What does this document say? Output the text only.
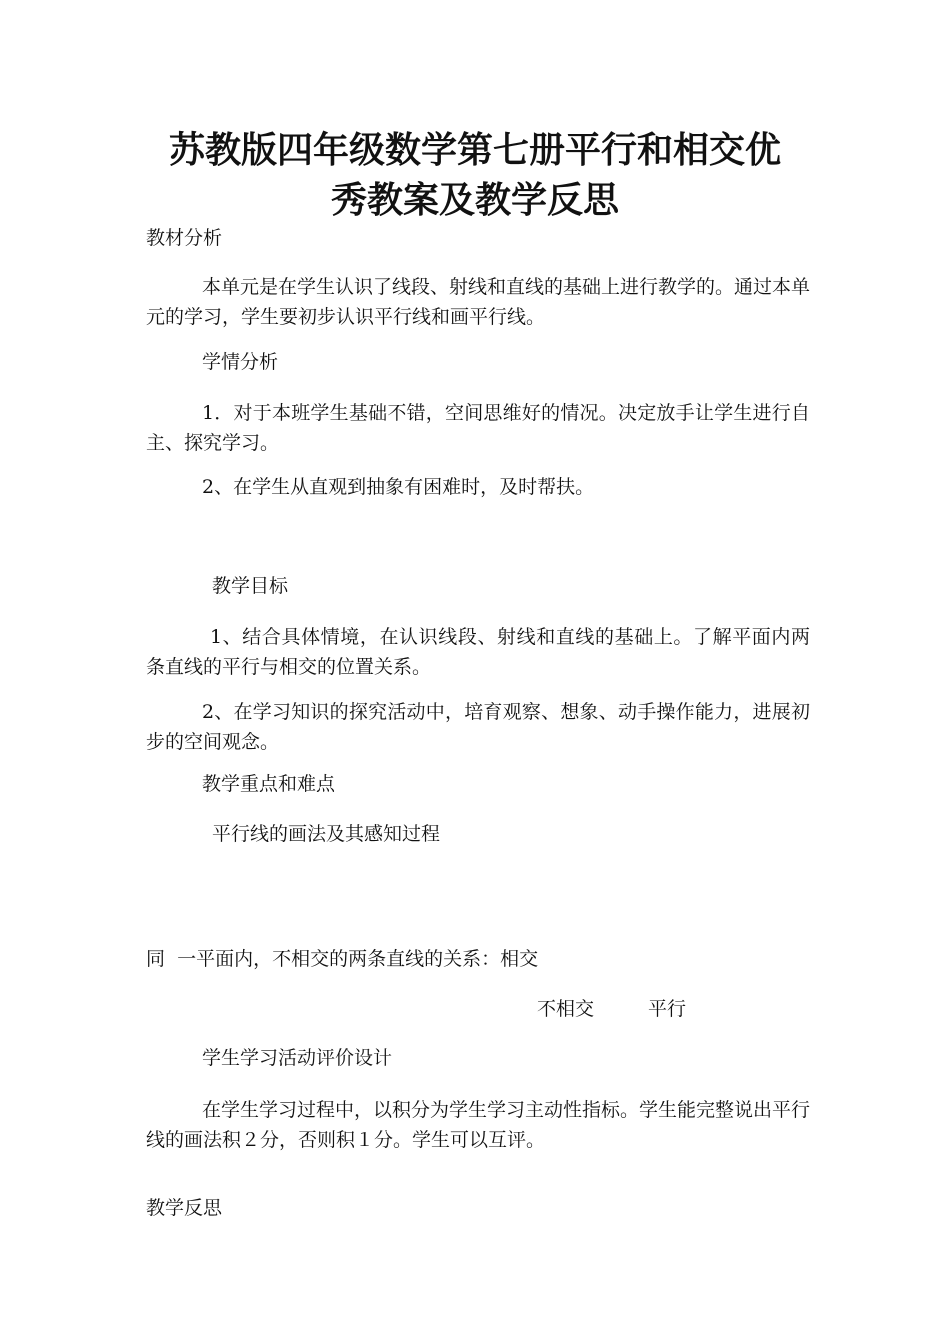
苏教版四年级数学第七册平行和相交优
秀教案及教学反思

教材分析

本单元是在学生认识了线段、射线和直线的基础上进行教学的。通过本单元的学习，学生要初步认识平行线和画平行线。

学情分析

1．对于本班学生基础不错，空间思维好的情况。决定放手让学生进行自主、探究学习。

2、在学生从直观到抽象有困难时，及时帮扶。

教学目标

1、结合具体情境，在认识线段、射线和直线的基础上。了解平面内两条直线的平行与相交的位置关系。

2、在学习知识的探究活动中，培育观察、想象、动手操作能力，进展初步的空间观念。

教学重点和难点

平行线的画法及其感知过程

同  一平面内，不相交的两条直线的关系：相交

不相交	平行

学生学习活动评价设计

在学生学习过程中，以积分为学生学习主动性指标。学生能完整说出平行线的画法积２分，否则积１分。学生可以互评。

教学反思
